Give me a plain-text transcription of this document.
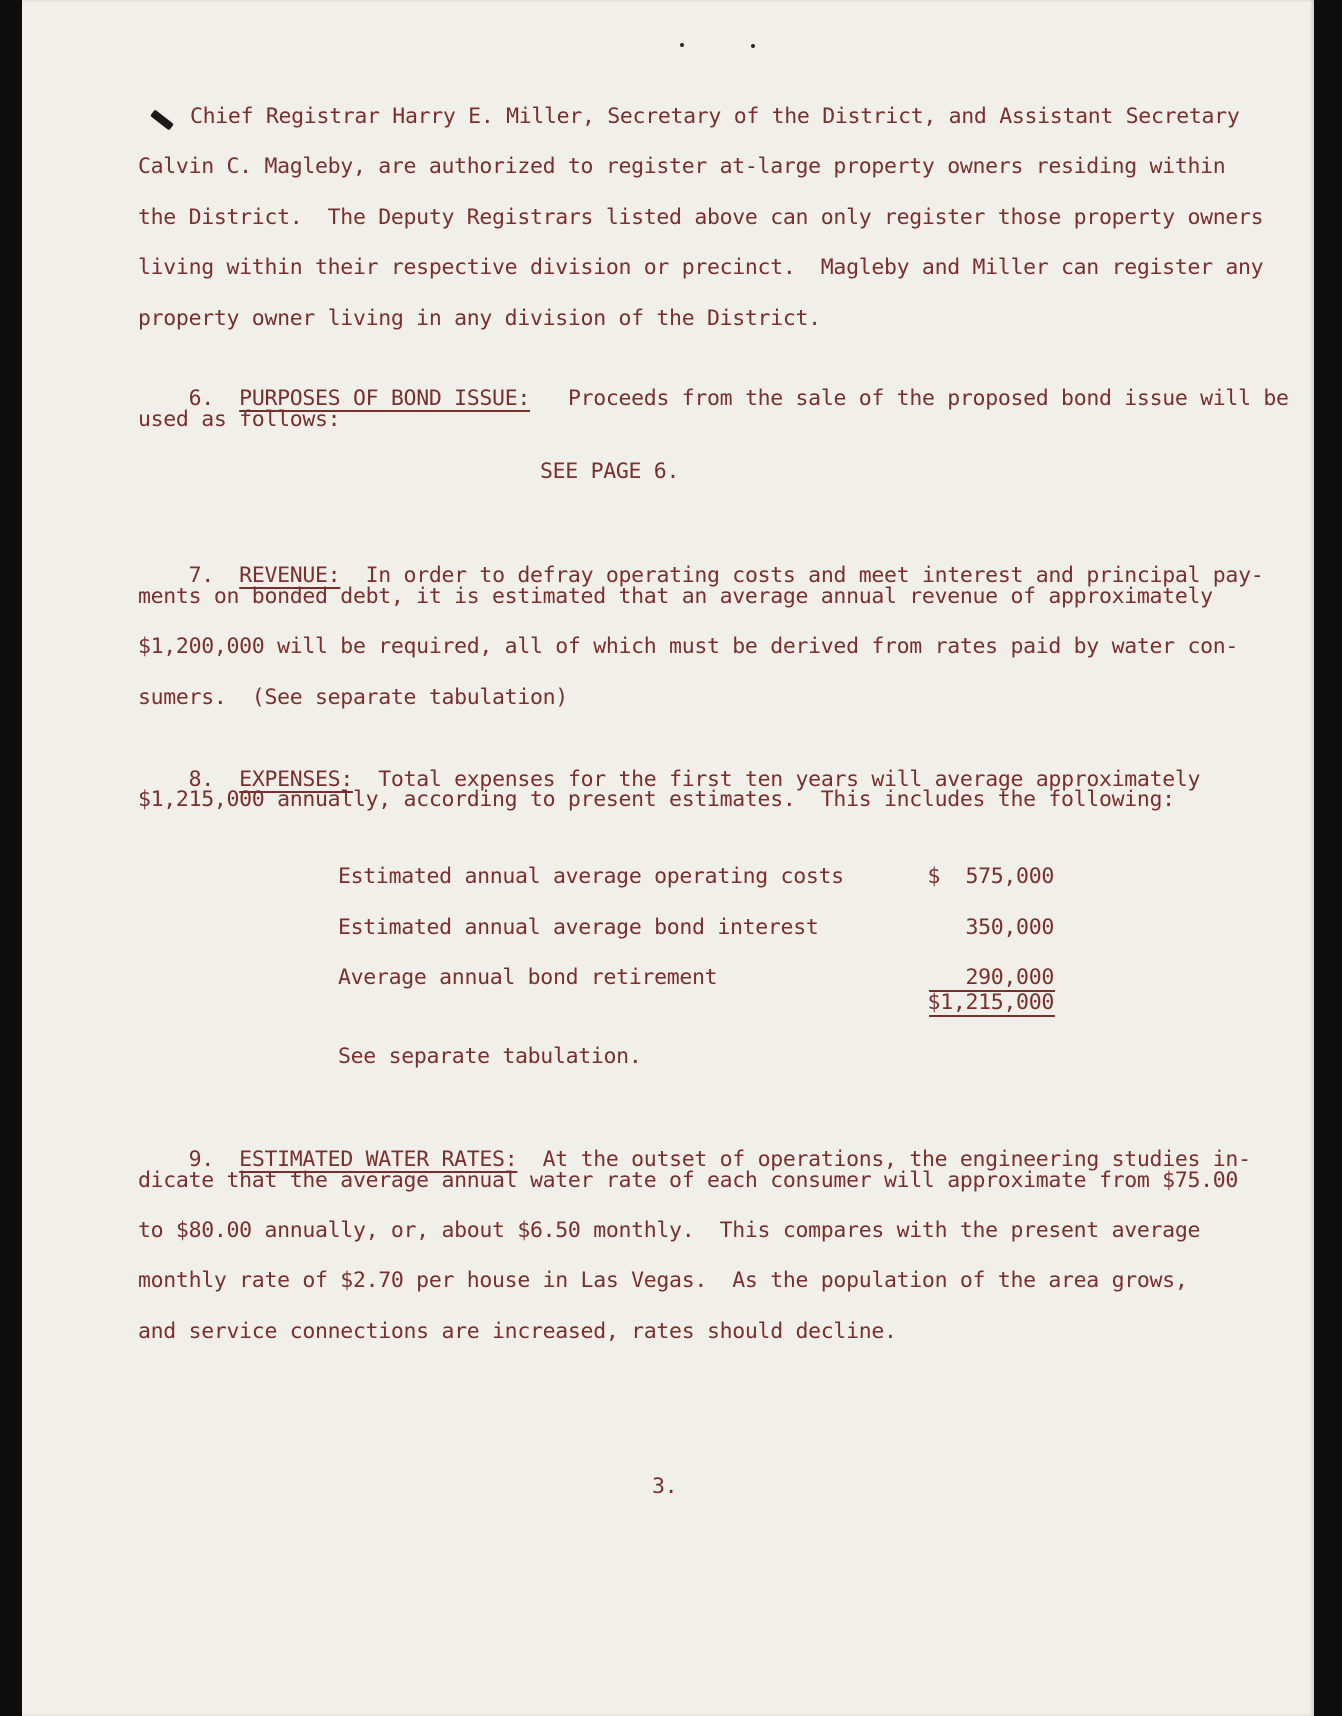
Chief Registrar Harry E. Miller, Secretary of the District, and Assistant Secretary
Calvin C. Magleby, are authorized to register at-large property owners residing within
the District.  The Deputy Registrars listed above can only register those property owners
living within their respective division or precinct.  Magleby and Miller can register any
property owner living in any division of the District.

6. PURPOSES OF BOND ISSUE: Proceeds from the sale of the proposed bond issue will be

used as follows:
SEE PAGE 6.

7. REVENUE: In order to defray operating costs and meet interest and principal pay-

ments on bonded debt, it is estimated that an average annual revenue of approximately
$1,200,000 will be required, all of which must be derived from rates paid by water con-
sumers.  (See separate tabulation)

8. EXPENSES: Total expenses for the first ten years will average approximately

$1,215,000 annually, according to present estimates.  This includes the following:
Estimated annual average operating costs	$  575,000
Estimated annual average bond interest	350,000
Average annual bond retirement	290,000
$1,215,000
See separate tabulation.

9. ESTIMATED WATER RATES: At the outset of operations, the engineering studies in-

dicate that the average annual water rate of each consumer will approximate from $75.00
to $80.00 annually, or, about $6.50 monthly.  This compares with the present average
monthly rate of $2.70 per house in Las Vegas.  As the population of the area grows,
and service connections are increased, rates should decline.
3.
